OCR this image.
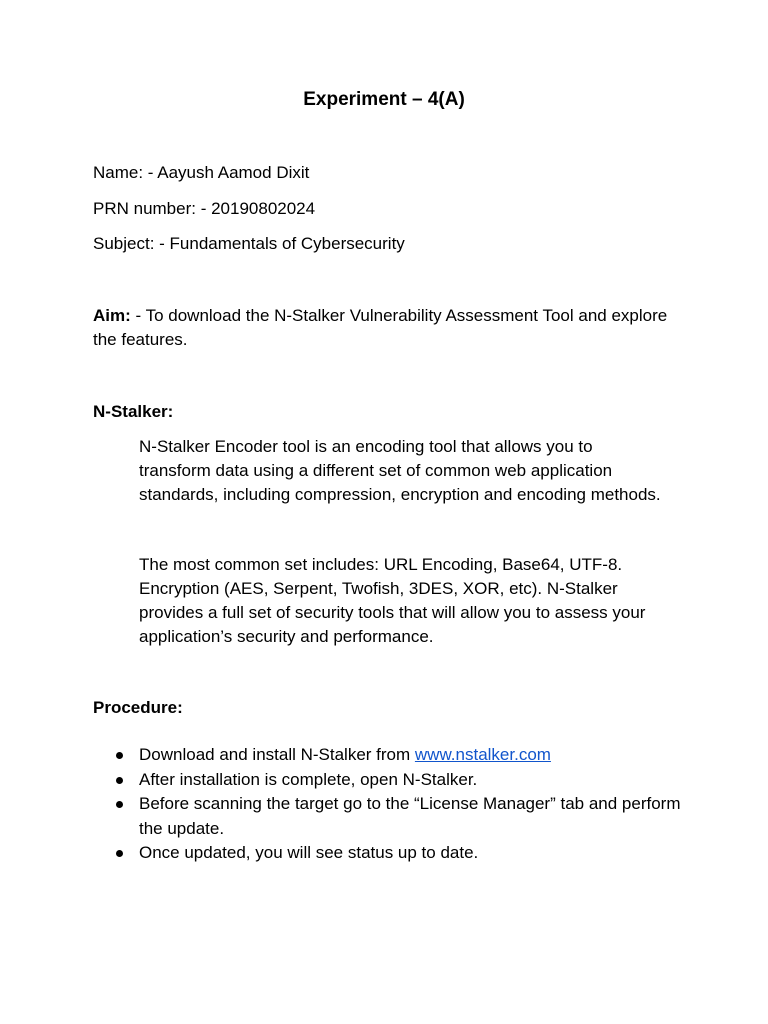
Experiment – 4(A)
Name: - Aayush Aamod Dixit
PRN number: - 20190802024
Subject: - Fundamentals of Cybersecurity
Aim: - To download the N-Stalker Vulnerability Assessment Tool and explore the features.
N-Stalker:
N-Stalker Encoder tool is an encoding tool that allows you to transform data using a different set of common web application standards, including compression, encryption and encoding methods.
The most common set includes: URL Encoding, Base64, UTF-8. Encryption (AES, Serpent, Twofish, 3DES, XOR, etc). N-Stalker provides a full set of security tools that will allow you to assess your application’s security and performance.
Procedure:
Download and install N-Stalker from www.nstalker.com
After installation is complete, open N-Stalker.
Before scanning the target go to the “License Manager” tab and perform the update.
Once updated, you will see status up to date.
